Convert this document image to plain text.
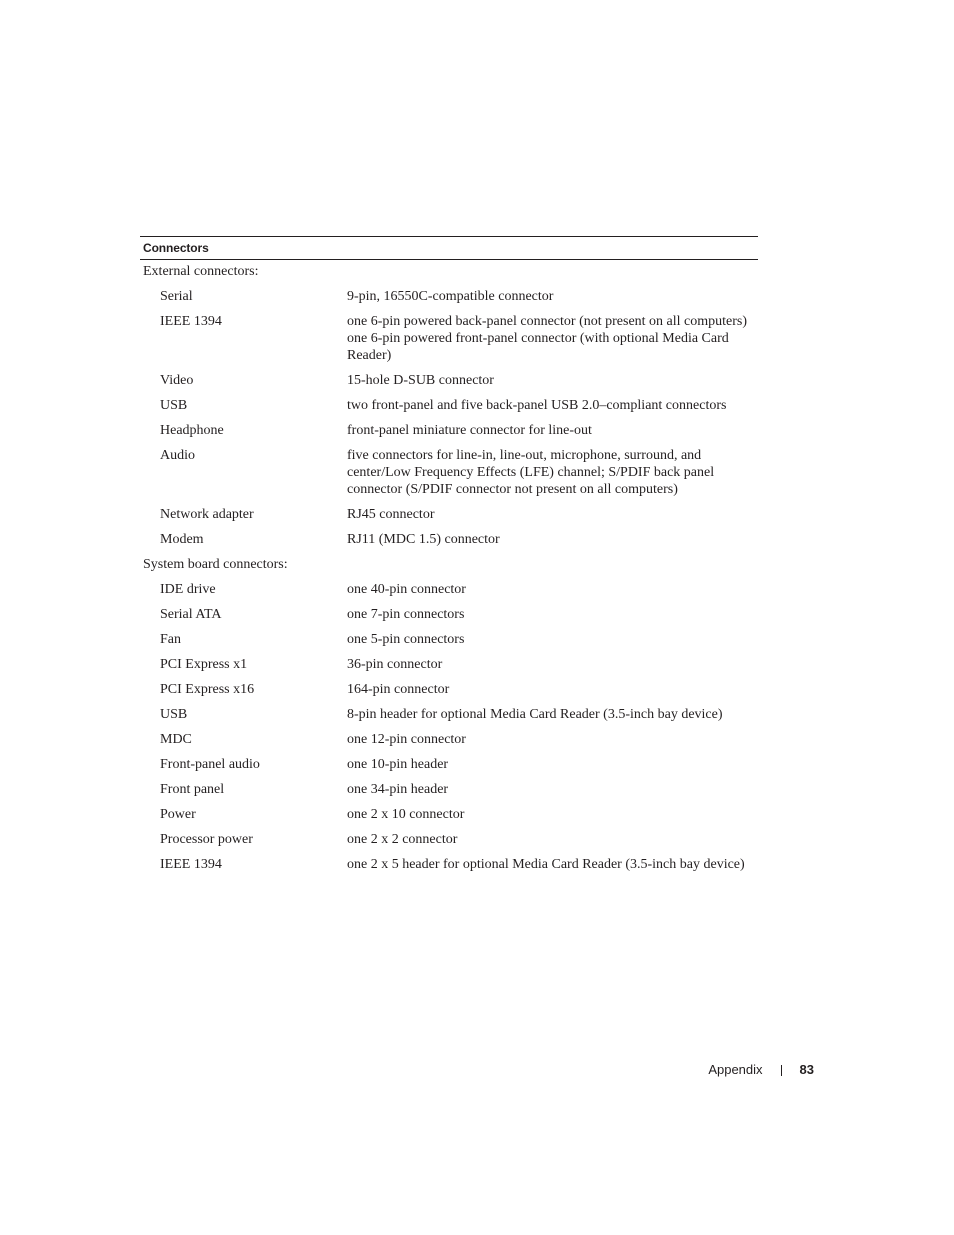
Connectors
External connectors:
Serial	9-pin, 16550C-compatible connector
IEEE 1394	one 6-pin powered back-panel connector (not present on all computers)
one 6-pin powered front-panel connector (with optional Media Card Reader)
Video	15-hole D-SUB connector
USB	two front-panel and five back-panel USB 2.0–compliant connectors
Headphone	front-panel miniature connector for line-out
Audio	five connectors for line-in, line-out, microphone, surround, and center/Low Frequency Effects (LFE) channel; S/PDIF back panel connector (S/PDIF connector not present on all computers)
Network adapter	RJ45 connector
Modem	RJ11 (MDC 1.5) connector
System board connectors:
IDE drive	one 40-pin connector
Serial ATA	one 7-pin connectors
Fan	one 5-pin connectors
PCI Express x1	36-pin connector
PCI Express x16	164-pin connector
USB	8-pin header for optional Media Card Reader (3.5-inch bay device)
MDC	one 12-pin connector
Front-panel audio	one 10-pin header
Front panel	one 34-pin header
Power	one 2 x 10 connector
Processor power	one 2 x 2 connector
IEEE 1394	one 2 x 5 header for optional Media Card Reader (3.5-inch bay device)
Appendix	83
